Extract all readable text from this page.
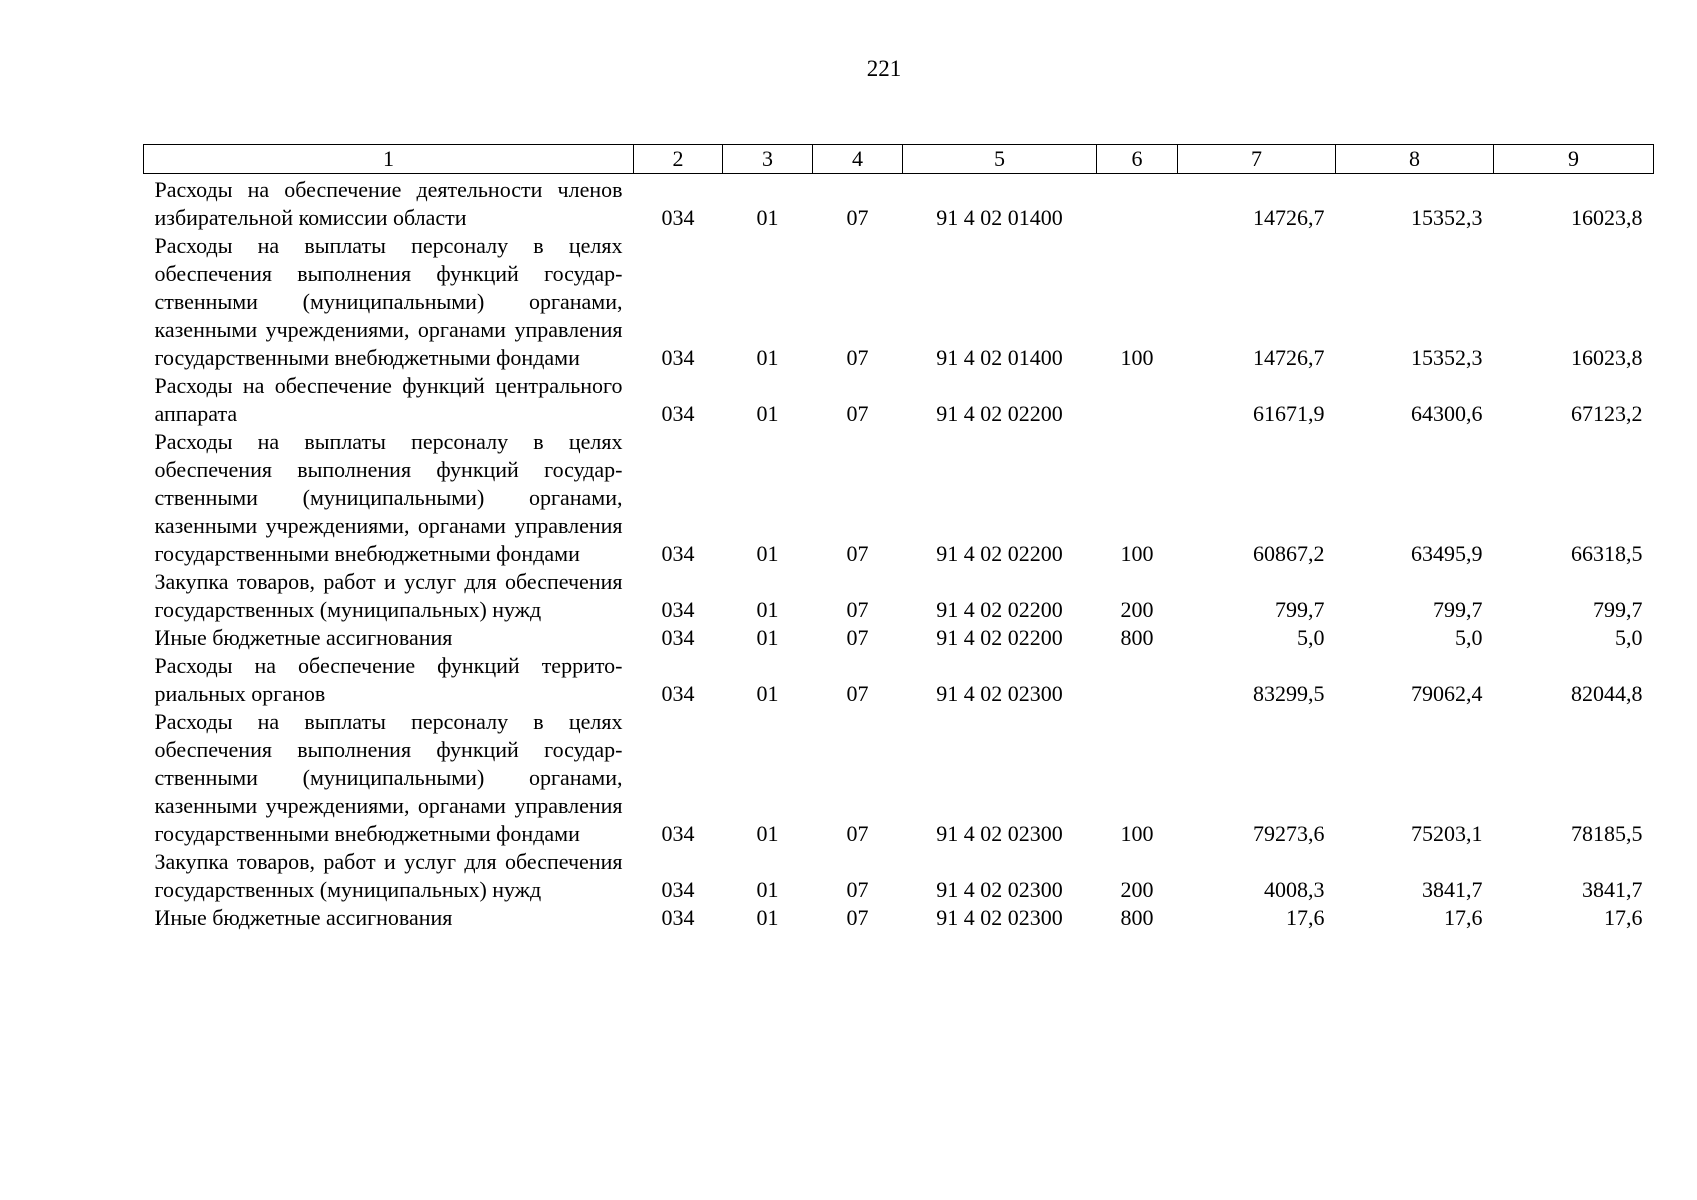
221
1	2	3	4	5	6	7	8	9
Расходы на обеспечение деятельности членов избирательной комиссии области	034	01	07	91 4 02 01400		14726,7	15352,3	16023,8
Расходы на выплаты персоналу в целях обеспечения выполнения функций государственными (муниципальными) органами, казенными учреждениями, органами управления государственными внебюджетными фондами	034	01	07	91 4 02 01400	100	14726,7	15352,3	16023,8
Расходы на обеспечение функций центрального аппарата	034	01	07	91 4 02 02200		61671,9	64300,6	67123,2
Расходы на выплаты персоналу в целях обеспечения выполнения функций государственными (муниципальными) органами, казенными учреждениями, органами управления государственными внебюджетными фондами	034	01	07	91 4 02 02200	100	60867,2	63495,9	66318,5
Закупка товаров, работ и услуг для обеспечения государственных (муниципальных) нужд	034	01	07	91 4 02 02200	200	799,7	799,7	799,7
Иные бюджетные ассигнования	034	01	07	91 4 02 02200	800	5,0	5,0	5,0
Расходы на обеспечение функций территориальных органов	034	01	07	91 4 02 02300		83299,5	79062,4	82044,8
Расходы на выплаты персоналу в целях обеспечения выполнения функций государственными (муниципальными) органами, казенными учреждениями, органами управления государственными внебюджетными фондами	034	01	07	91 4 02 02300	100	79273,6	75203,1	78185,5
Закупка товаров, работ и услуг для обеспечения государственных (муниципальных) нужд	034	01	07	91 4 02 02300	200	4008,3	3841,7	3841,7
Иные бюджетные ассигнования	034	01	07	91 4 02 02300	800	17,6	17,6	17,6
